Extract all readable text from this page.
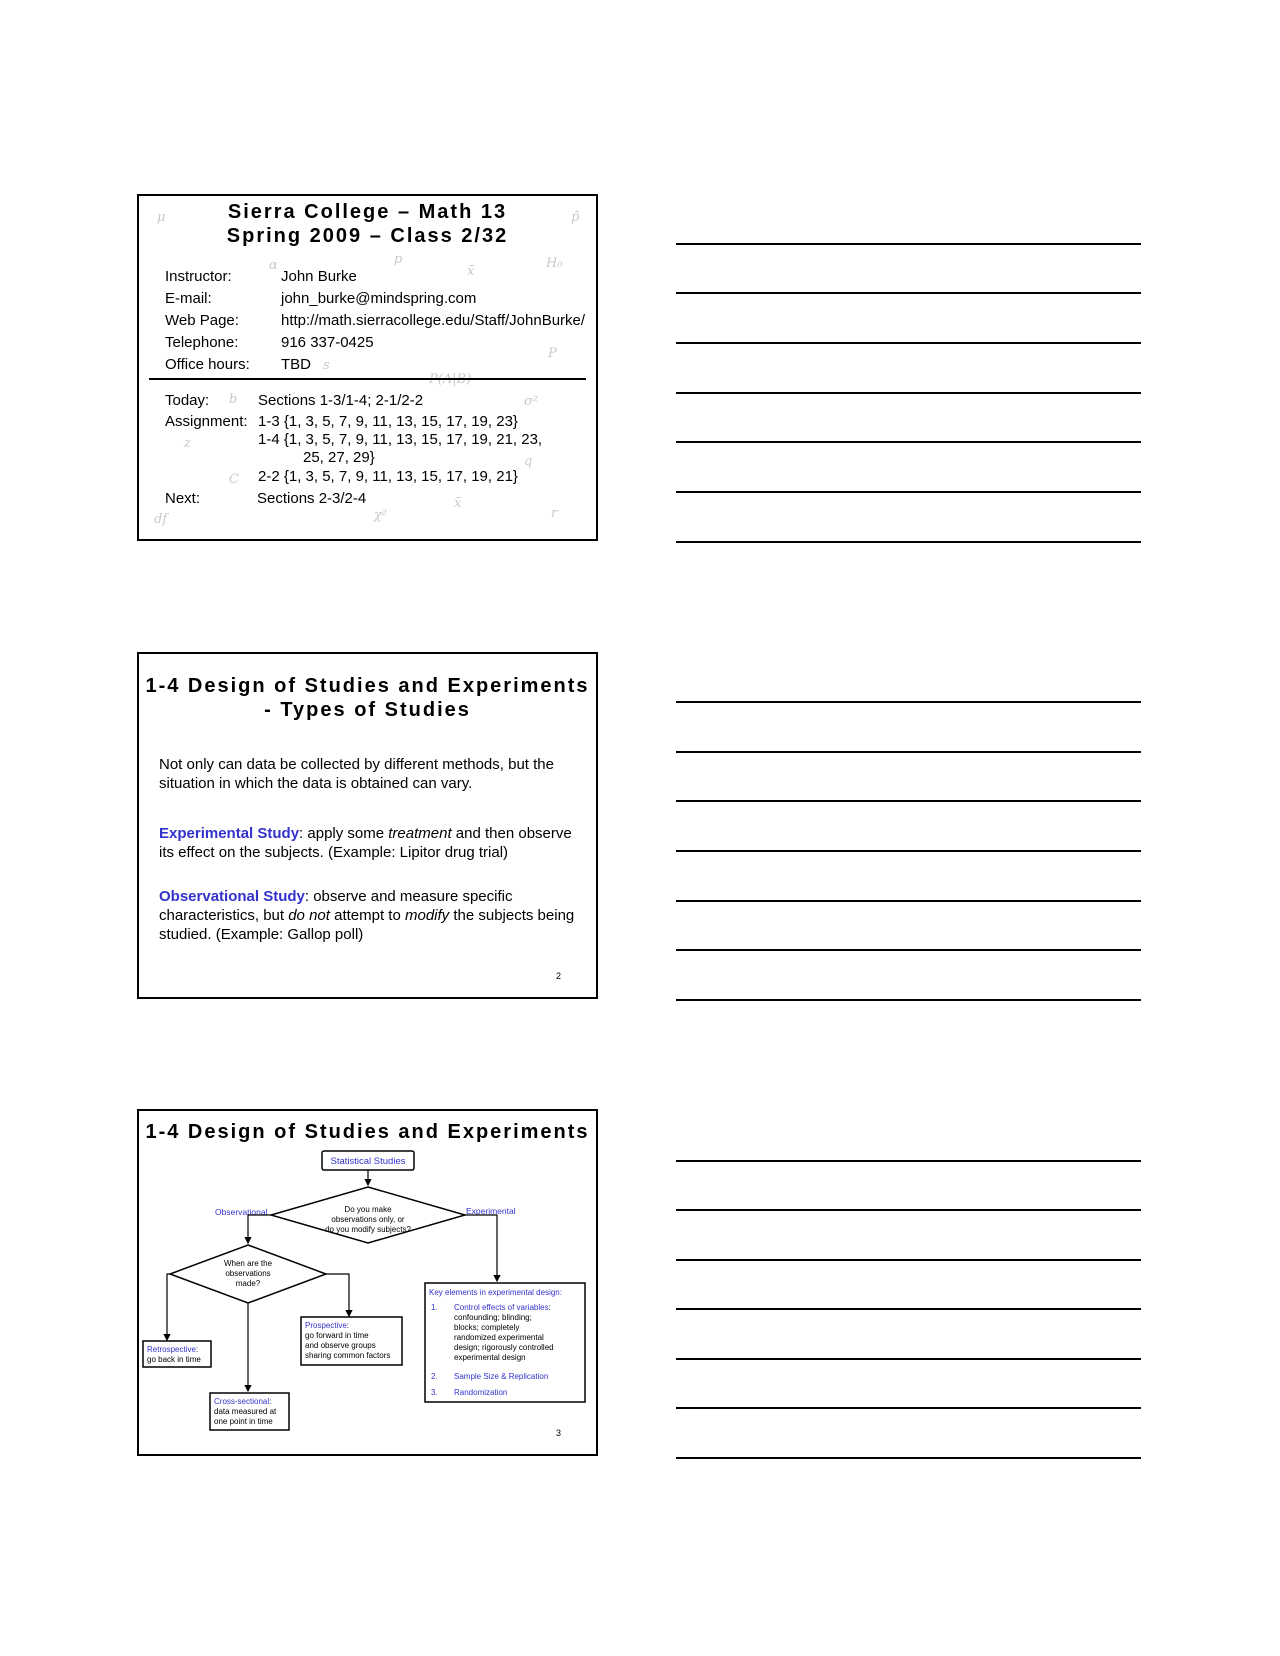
μ
α	p
x̄
H₀
p̂
P
s
P(A|B)
σ²
b
z
q
C
x̄
df	χ²	r
Sierra College – Math 13
Spring 2009 – Class 2/32
Instructor:	John Burke
E-mail:	john_burke@mindspring.com
Web Page:	http://math.sierracollege.edu/Staff/JohnBurke/
Telephone:	916 337-0425
Office hours: TBD
Today:	Sections 1-3/1-4; 2-1/2-2
Assignment: 1-3 {1, 3, 5, 7, 9, 11, 13, 15, 17, 19, 23}
1-4 {1, 3, 5, 7, 9, 11, 13, 15, 17, 19, 21, 23,
25, 27, 29}
2-2 {1, 3, 5, 7, 9, 11, 13, 15, 17, 19, 21}
Next:	Sections 2-3/2-4
1-4 Design of Studies and Experiments
- Types of Studies
Not only can data be collected by different methods, but the situation in which the data is obtained can vary.
Experimental Study: apply some treatment and then observe its effect on the subjects. (Example: Lipitor drug trial)
Observational Study: observe and measure specific characteristics, but do not attempt to modify the subjects being studied. (Example: Gallop poll)
2
1-4 Design of Studies and Experiments
Statistical Studies
Do you make
observations only, or
do you modify subjects?
Observational	Experimental
When are the
observations
made?
Retrospective:
go back in time
Prospective:
go forward in time
and observe groups
sharing common factors
Cross-sectional:
data measured at
one point in time
Key elements in experimental design:
1. Control effects of variables:
confounding; blinding;
blocks; completely
randomized experimental
design; rigorously controlled
experimental design
2. Sample Size & Replication
3. Randomization
3
